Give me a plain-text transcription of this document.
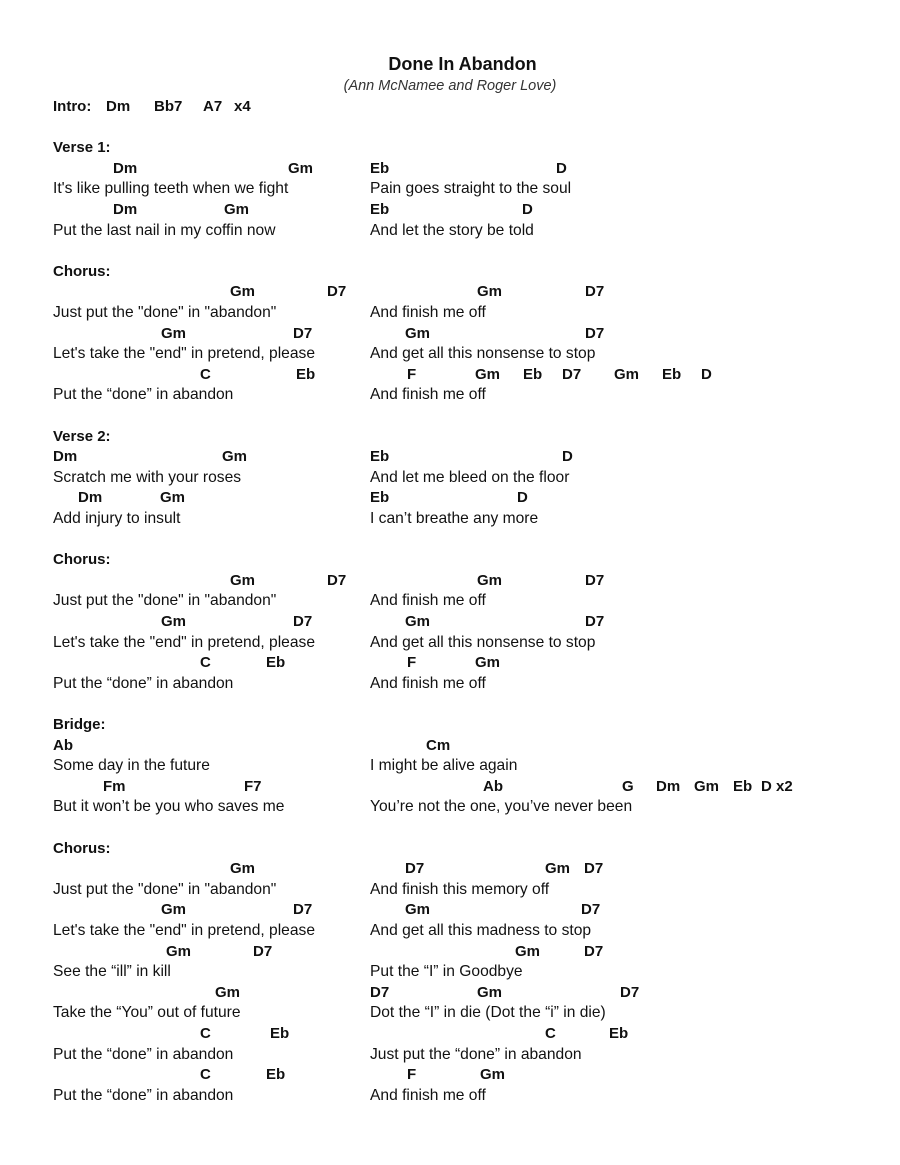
Done In Abandon
(Ann McNamee and Roger Love)
Intro: Dm Bb7 A7 x4
Verse 1:
Dm	Gm	Eb	D
It's like pulling teeth when we fight	Pain goes straight to the soul
Dm	Gm	Eb	D
Put the last nail in my coffin now	And let the story be told
Chorus:
Gm	D7	Gm	D7
Just put the "done" in "abandon"	And finish me off
Gm	D7	Gm	D7
Let's take the "end" in pretend, please	And get all this nonsense to stop
C	Eb	F	Gm Eb D7 Gm Eb D
Put the “done” in abandon	And finish me off
Verse 2:
Dm	Gm	Eb	D
Scratch me with your roses	And let me bleed on the floor
Dm	Gm	Eb	D
Add injury to insult	I can’t breathe any more
Chorus:
Gm	D7	Gm	D7
Just put the "done" in "abandon"	And finish me off
Gm	D7	Gm	D7
Let's take the "end" in pretend, please	And get all this nonsense to stop
C	Eb	F	Gm
Put the “done” in abandon	And finish me off
Bridge:
Ab	Cm
Some day in the future	I might be alive again
Fm	F7	Ab	G Dm Gm Eb D x2
But it won’t be you who saves me	You’re not the one, you’ve never been
Chorus:
Gm	D7	Gm D7
Just put the "done" in "abandon"	And finish this memory off
Gm	D7	Gm	D7
Let's take the "end" in pretend, please	And get all this madness to stop
Gm	D7	Gm	D7
See the “ill” in kill	Put the “I” in Goodbye
Gm	D7	Gm	D7
Take the “You” out of future	Dot the “I” in die (Dot the “i” in die)
C	Eb	C	Eb
Put the “done” in abandon	Just put the “done” in abandon
C	Eb	F	Gm
Put the “done” in abandon	And finish me off
